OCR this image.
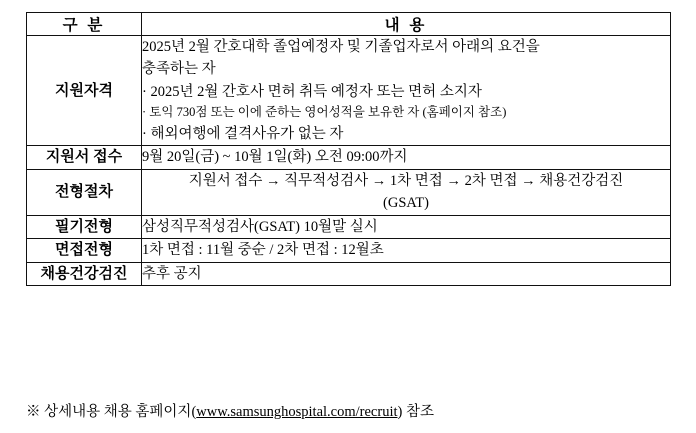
구 분	내 용
지원자격	2025년 2월 간호대학 졸업예정자 및 기졸업자로서 아래의 요건을
충족하는 자
· 2025년 2월 간호사 면허 취득 예정자 또는 면허 소지자
· 토익 730점 또는 이에 준하는 영어성적을 보유한 자 (홈페이지 참조)
· 해외여행에 결격사유가 없는 자

지원서 접수	9월 20일(금) ~ 10월 1일(화) 오전 09:00까지

전형절차	지원서 접수 → 직무적성검사 → 1차 면접 → 2차 면접 → 채용건강검진
(GSAT)

필기전형	삼성직무적성검사(GSAT) 10월말 실시

면접전형	1차 면접 : 11월 중순 / 2차 면접 : 12월초

채용건강검진	추후 공지
※ 상세내용 채용 홈페이지(www.samsunghospital.com/recruit) 참조
